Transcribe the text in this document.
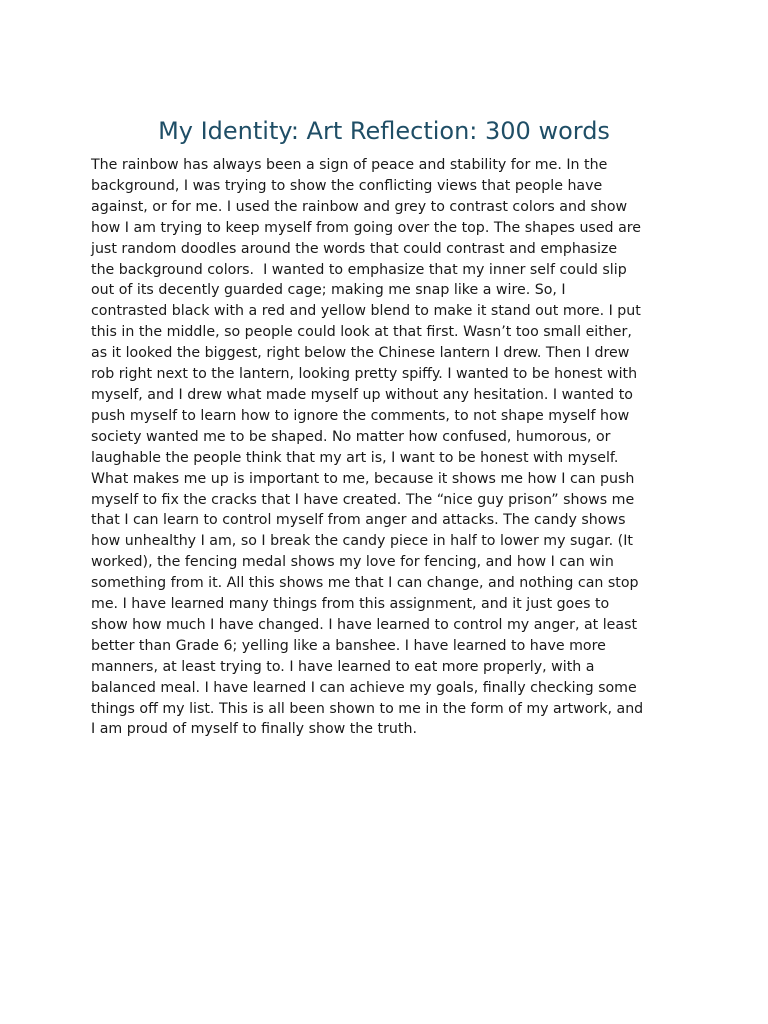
My Identity: Art Reflection: 300 words
The rainbow has always been a sign of peace and stability for me. In the
background, I was trying to show the conflicting views that people have
against, or for me. I used the rainbow and grey to contrast colors and show
how I am trying to keep myself from going over the top. The shapes used are
just random doodles around the words that could contrast and emphasize
the background colors.  I wanted to emphasize that my inner self could slip
out of its decently guarded cage; making me snap like a wire. So, I
contrasted black with a red and yellow blend to make it stand out more. I put
this in the middle, so people could look at that first. Wasn’t too small either,
as it looked the biggest, right below the Chinese lantern I drew. Then I drew
rob right next to the lantern, looking pretty spiffy. I wanted to be honest with
myself, and I drew what made myself up without any hesitation. I wanted to
push myself to learn how to ignore the comments, to not shape myself how
society wanted me to be shaped. No matter how confused, humorous, or
laughable the people think that my art is, I want to be honest with myself.
What makes me up is important to me, because it shows me how I can push
myself to fix the cracks that I have created. The “nice guy prison” shows me
that I can learn to control myself from anger and attacks. The candy shows
how unhealthy I am, so I break the candy piece in half to lower my sugar. (It
worked), the fencing medal shows my love for fencing, and how I can win
something from it. All this shows me that I can change, and nothing can stop
me. I have learned many things from this assignment, and it just goes to
show how much I have changed. I have learned to control my anger, at least
better than Grade 6; yelling like a banshee. I have learned to have more
manners, at least trying to. I have learned to eat more properly, with a
balanced meal. I have learned I can achieve my goals, finally checking some
things off my list. This is all been shown to me in the form of my artwork, and
I am proud of myself to finally show the truth.
